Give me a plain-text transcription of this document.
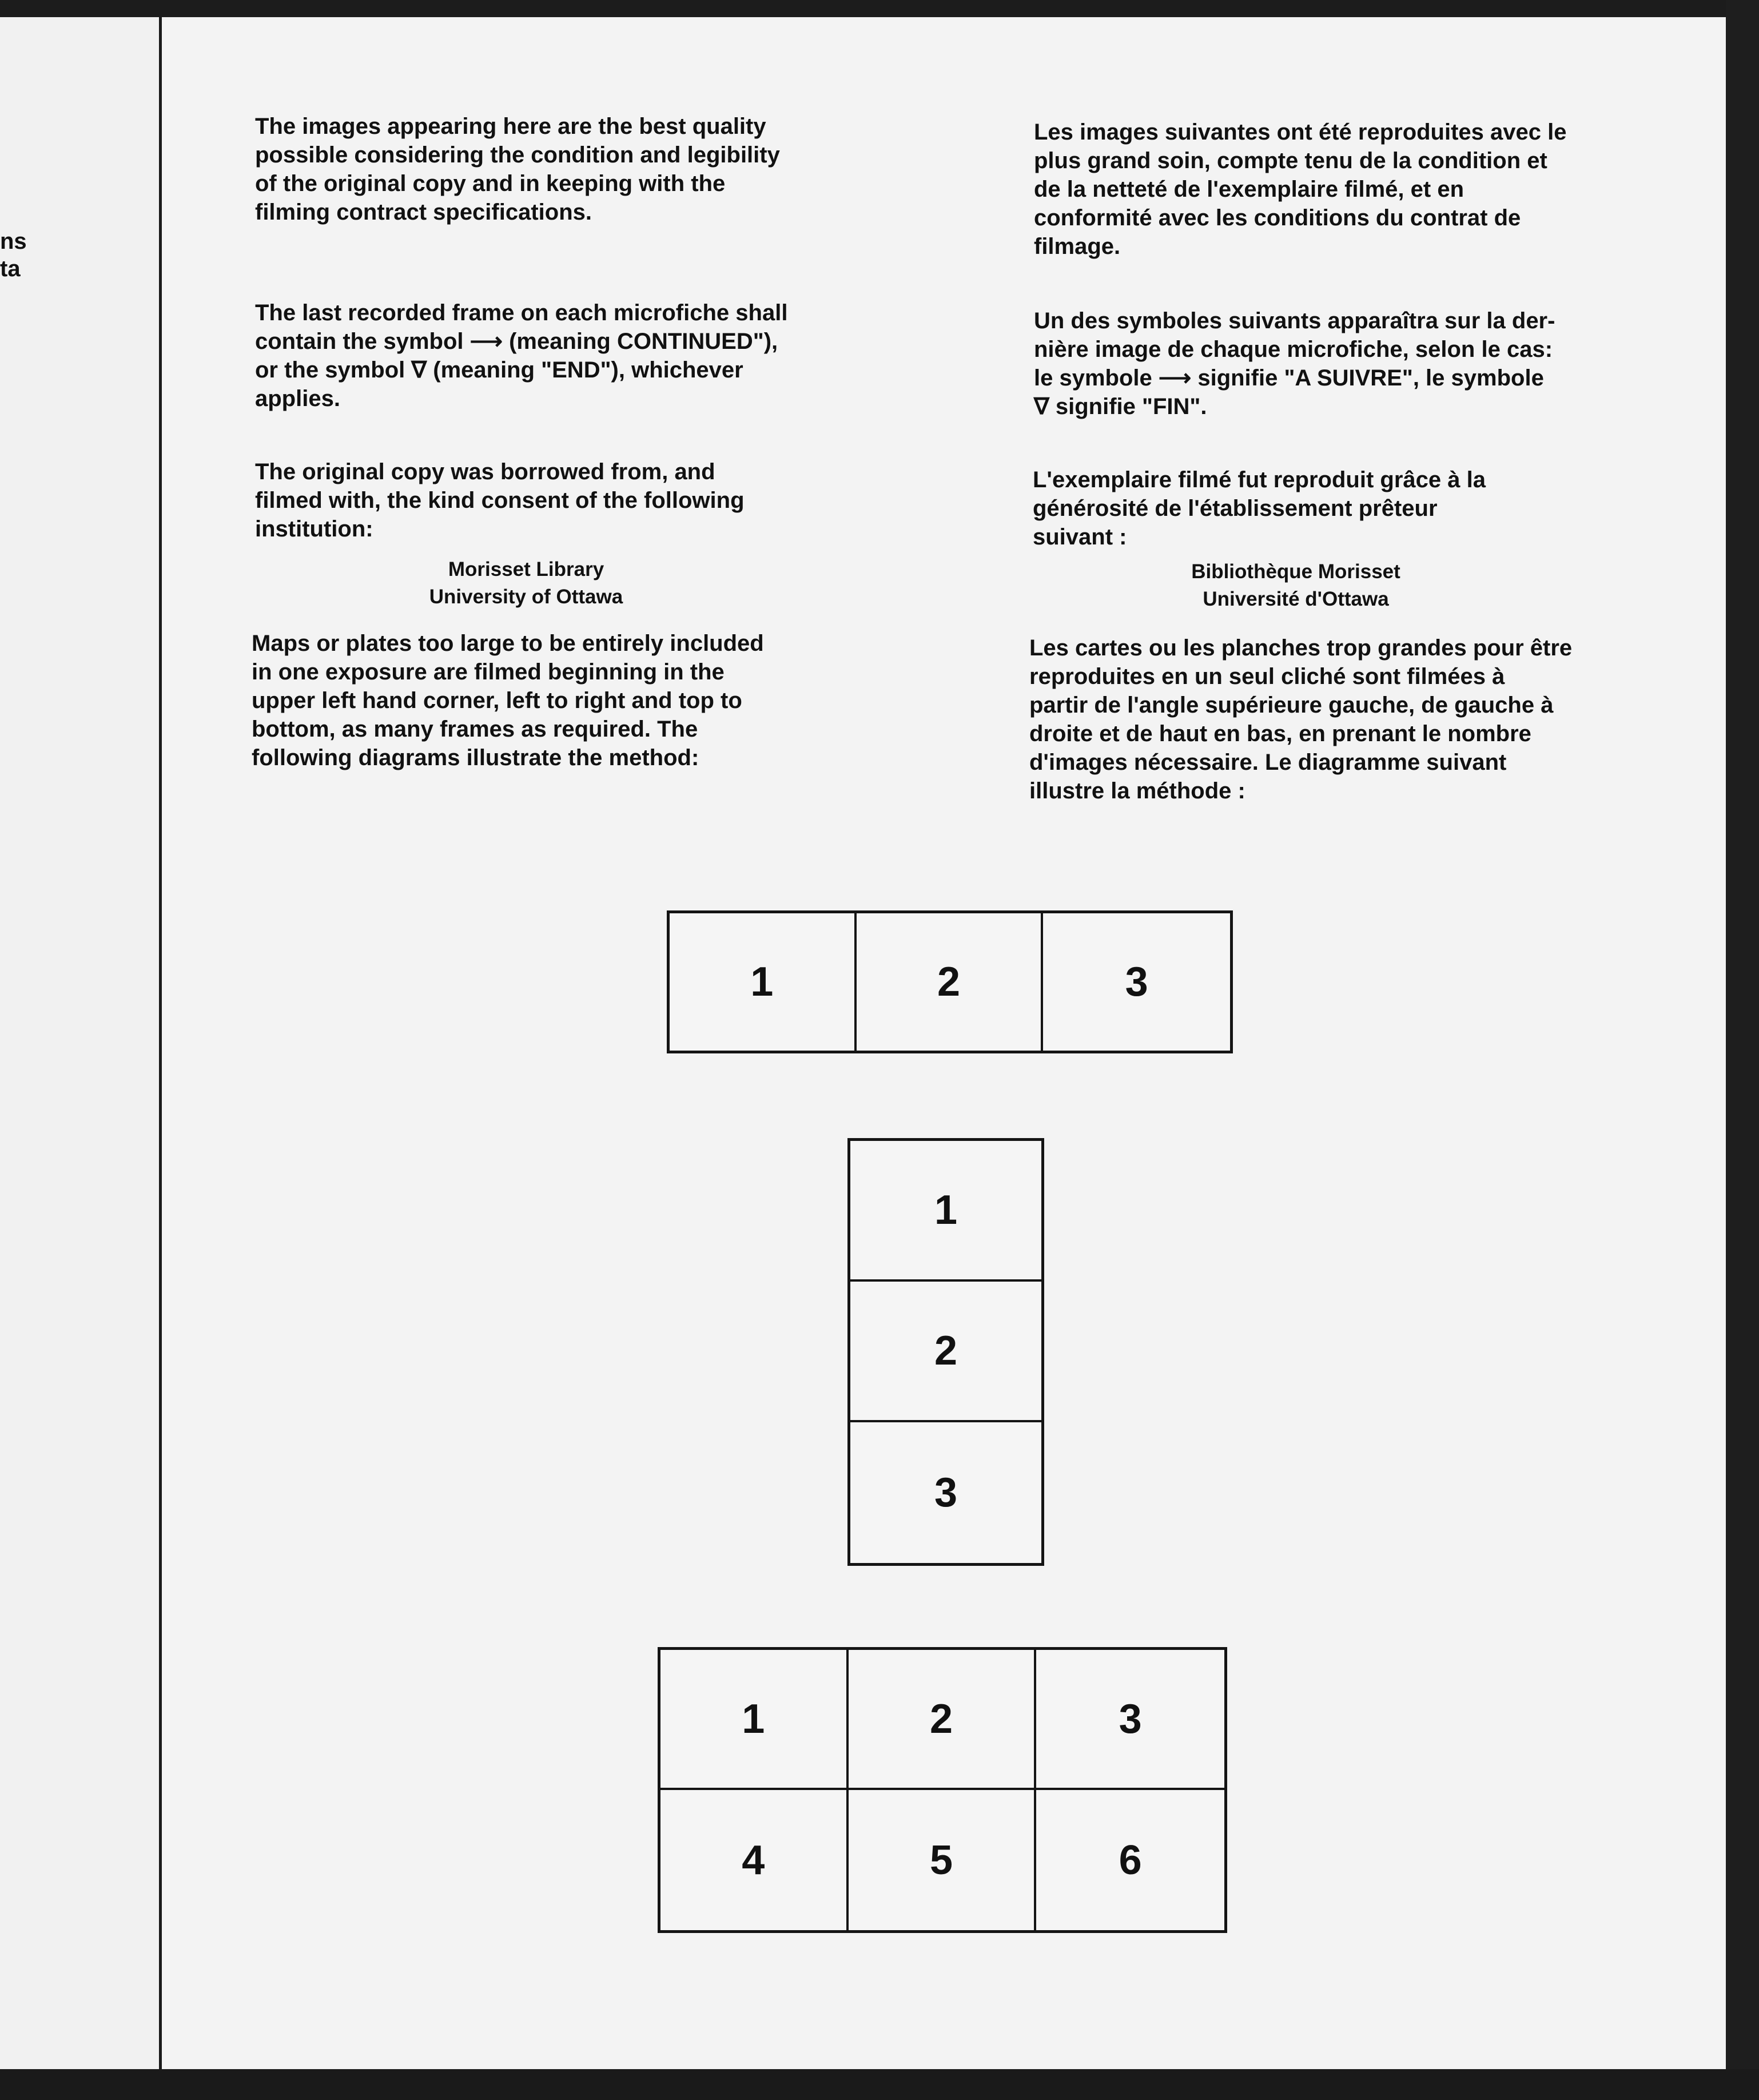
ns
ta

The images appearing here are the best quality
possible considering the condition and legibility
of the original copy and in keeping with the
filming contract specifications.

The last recorded frame on each microfiche shall
contain the symbol ⟶ (meaning CONTINUED"),
or the symbol ∇ (meaning "END"), whichever
applies.

The original copy was borrowed from, and
filmed with, the kind consent of the following
institution:

Morisset Library
University of Ottawa

Maps or plates too large to be entirely included
in one exposure are filmed beginning in the
upper left hand corner, left to right and top to
bottom, as many frames as required. The
following diagrams illustrate the method:

Les images suivantes ont été reproduites avec le
plus grand soin, compte tenu de la condition et
de la netteté de l'exemplaire filmé, et en
conformité avec les conditions du contrat de
filmage.

Un des symboles suivants apparaîtra sur la der-
nière image de chaque microfiche, selon le cas:
le symbole ⟶ signifie "A SUIVRE", le symbole
∇ signifie "FIN".

L'exemplaire filmé fut reproduit grâce à la
générosité de l'établissement prêteur
suivant :

Bibliothèque Morisset
Université d'Ottawa

Les cartes ou les planches trop grandes pour être
reproduites en un seul cliché sont filmées à
partir de l'angle supérieure gauche, de gauche à
droite et de haut en bas, en prenant le nombre
d'images nécessaire. Le diagramme suivant
illustre la méthode :

1	2	3
1
2
3
1	2	3
4	5	6
